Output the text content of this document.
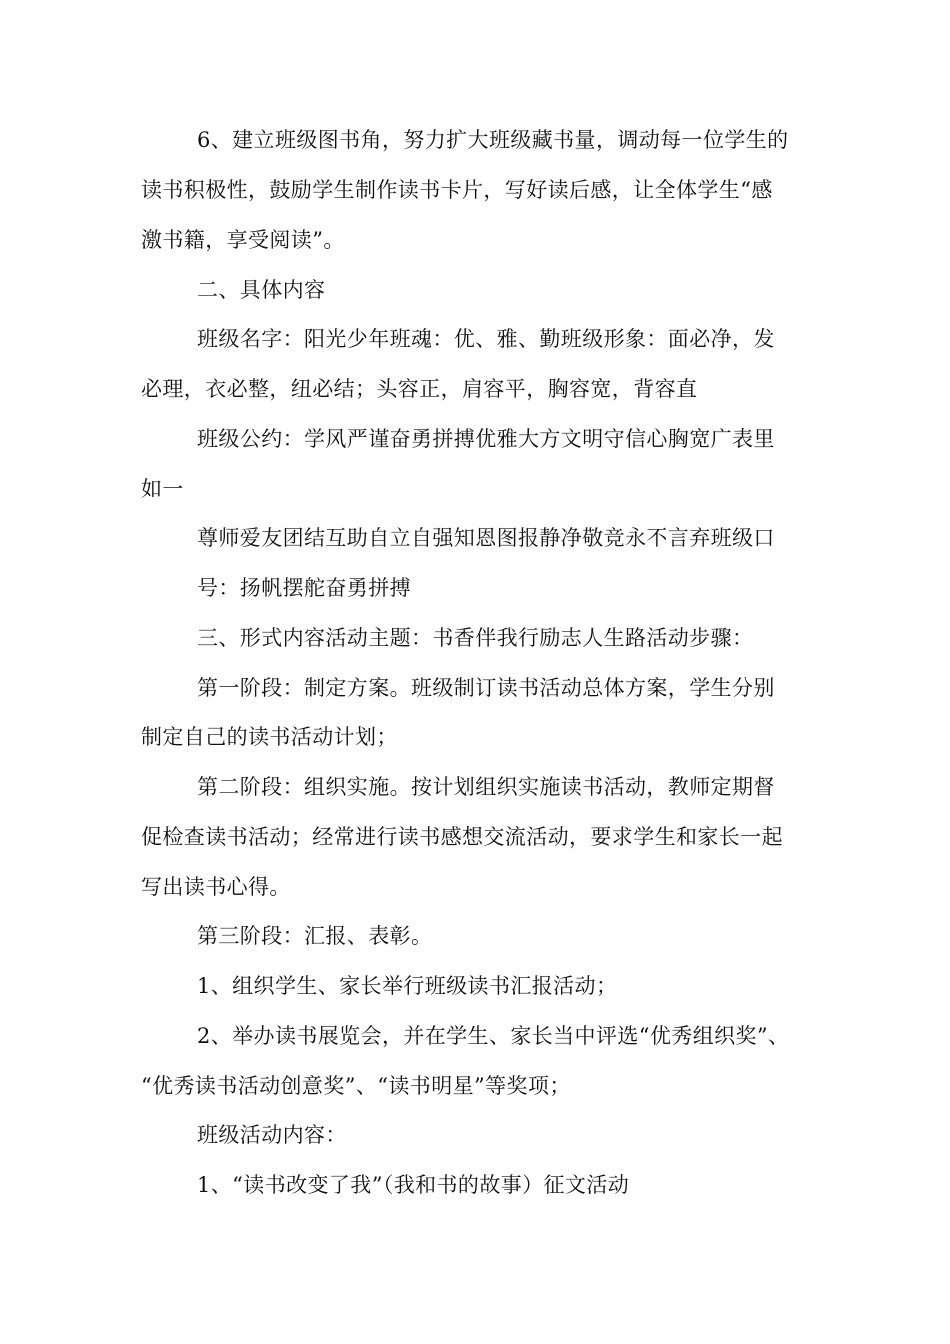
6、建立班级图书角，努力扩大班级藏书量，调动每一位学生的
读书积极性，鼓励学生制作读书卡片，写好读后感，让全体学生“感
激书籍，享受阅读”。
二、具体内容
班级名字：阳光少年班魂：优、雅、勤班级形象：面必净，发
必理，衣必整，纽必结；头容正，肩容平，胸容宽，背容直
班级公约：学风严谨奋勇拼搏优雅大方文明守信心胸宽广表里
如一
尊师爱友团结互助自立自强知恩图报静净敬竞永不言弃班级口
号：扬帆摆舵奋勇拼搏
三、形式内容活动主题：书香伴我行励志人生路活动步骤：
第一阶段：制定方案。班级制订读书活动总体方案，学生分别
制定自己的读书活动计划；
第二阶段：组织实施。按计划组织实施读书活动，教师定期督
促检查读书活动；经常进行读书感想交流活动，要求学生和家长一起
写出读书心得。
第三阶段：汇报、表彰。
1、组织学生、家长举行班级读书汇报活动；
2、举办读书展览会，并在学生、家长当中评选“优秀组织奖”、
“优秀读书活动创意奖”、“读书明星”等奖项；
班级活动内容：
1、“读书改变了我”（我和书的故事）征文活动
